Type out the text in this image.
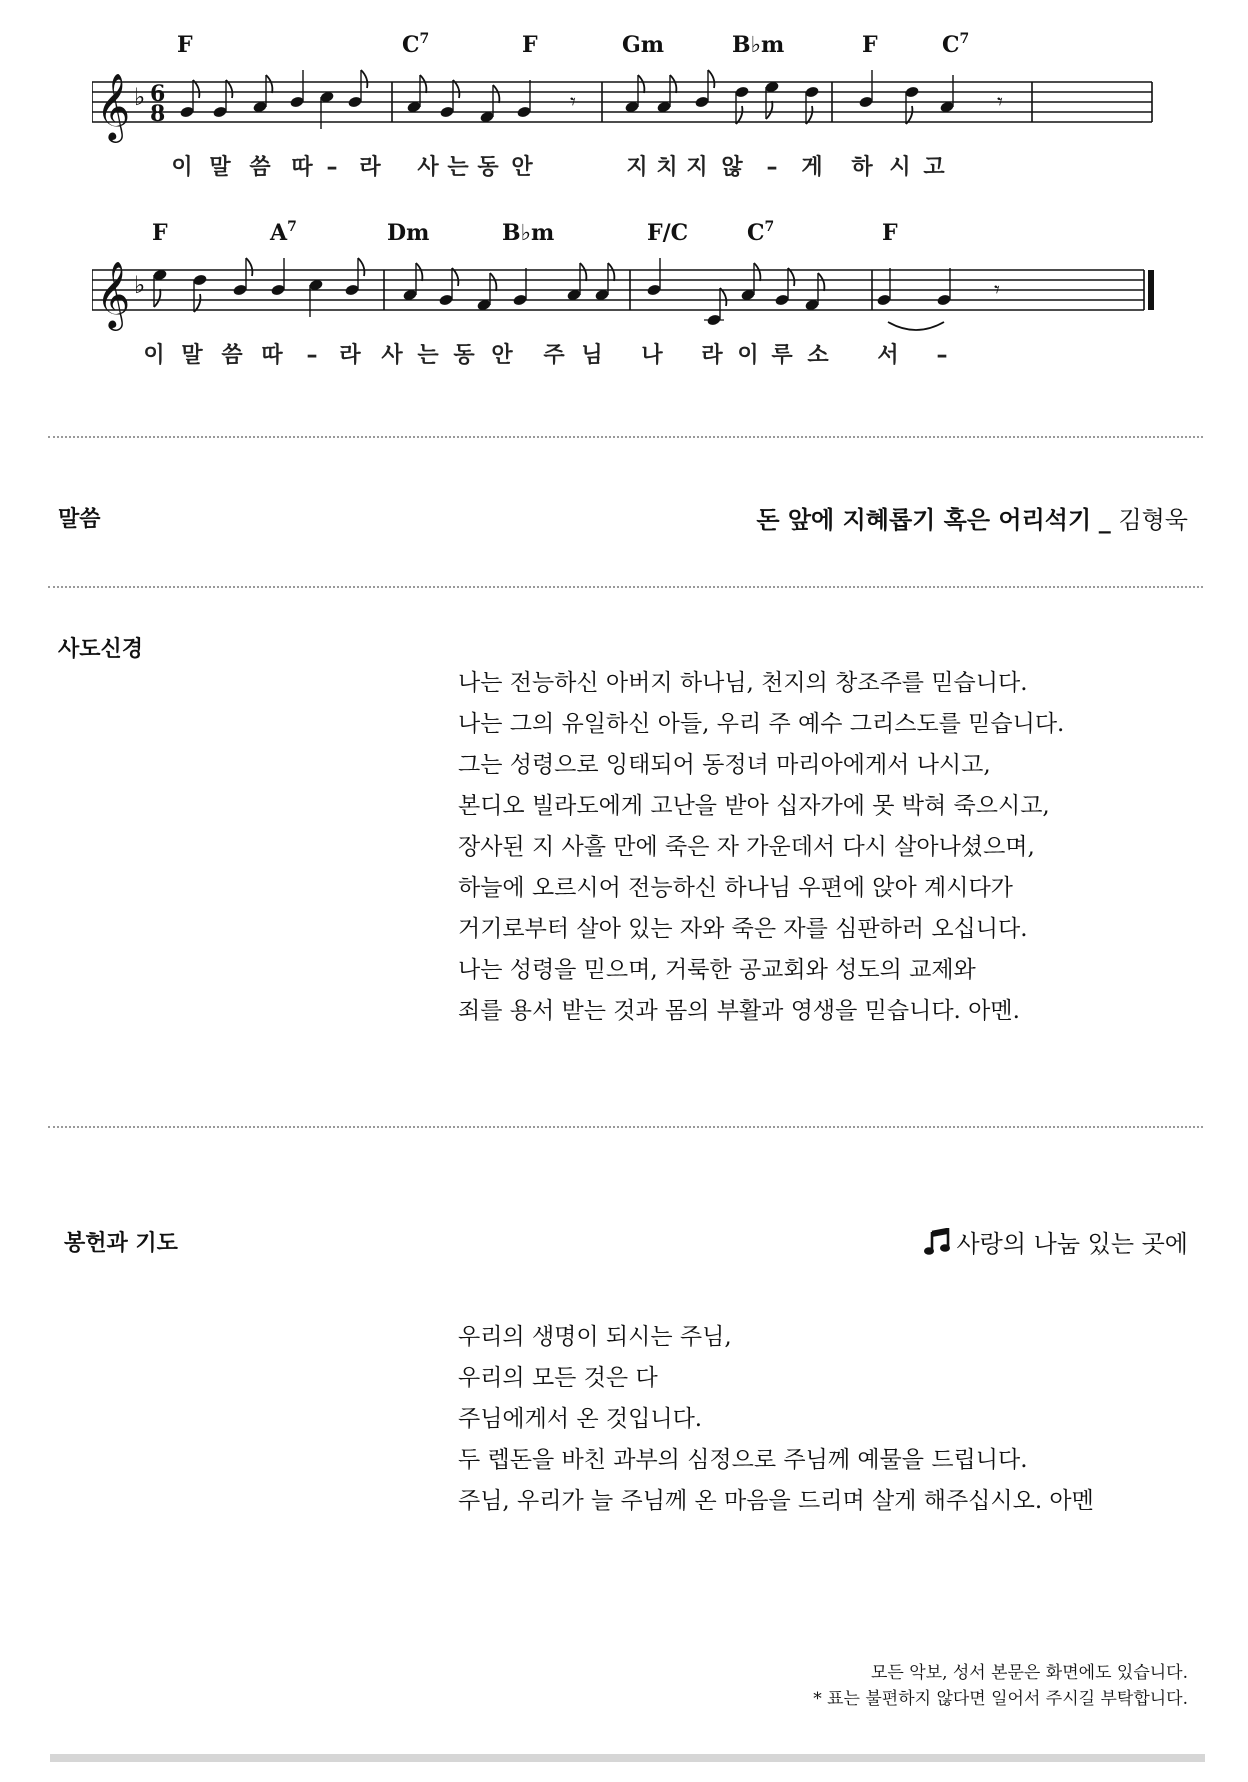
𝄞 ♭ 6
8	𝄾	𝄾
F	$C^7$	F	Gm	B♭m	F	$C^7$
이 말 씀 따 – 라 사 는 동 안	지 치 지 않 – 게 하 시 고
𝄞 ♭	𝄾
F	$A^7$	Dm	B♭m	F/C	$C^7$	F
이 말 씀 따 – 라 사 는 동 안 주 님 나 라 이 루 소 서 –
말씀	돈 앞에 지혜롭기 혹은 어리석기 _ 김형욱
사도신경
나는 전능하신 아버지 하나님, 천지의 창조주를 믿습니다.
나는 그의 유일하신 아들, 우리 주 예수 그리스도를 믿습니다.
그는 성령으로 잉태되어 동정녀 마리아에게서 나시고,
본디오 빌라도에게 고난을 받아 십자가에 못 박혀 죽으시고,
장사된 지 사흘 만에 죽은 자 가운데서 다시 살아나셨으며,
하늘에 오르시어 전능하신 하나님 우편에 앉아 계시다가
거기로부터 살아 있는 자와 죽은 자를 심판하러 오십니다.
나는 성령을 믿으며, 거룩한 공교회와 성도의 교제와
죄를 용서 받는 것과 몸의 부활과 영생을 믿습니다. 아멘.
봉헌과 기도	사랑의 나눔 있는 곳에
우리의 생명이 되시는 주님,
우리의 모든 것은 다
주님에게서 온 것입니다.
두 렙돈을 바친 과부의 심정으로 주님께 예물을 드립니다.
주님, 우리가 늘 주님께 온 마음을 드리며 살게 해주십시오. 아멘
모든 악보, 성서 본문은 화면에도 있습니다.
* 표는 불편하지 않다면 일어서 주시길 부탁합니다.
